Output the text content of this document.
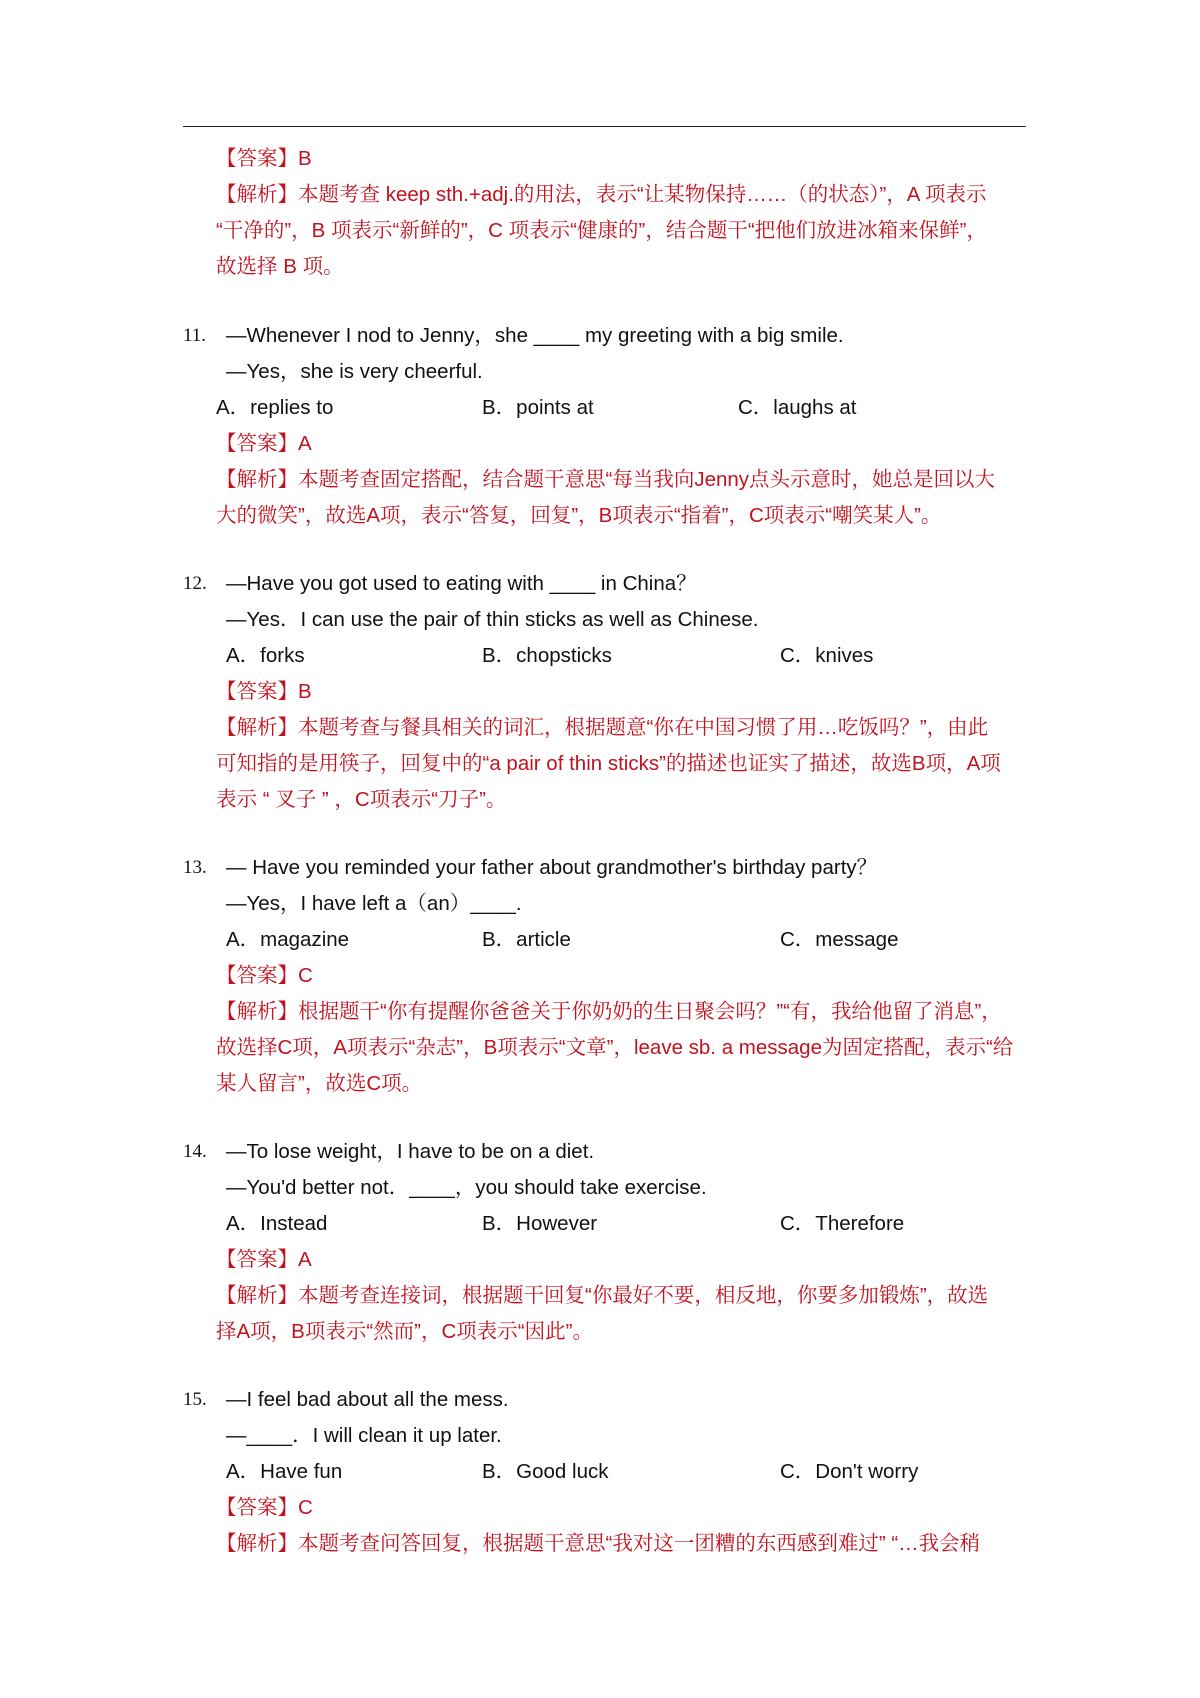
【答案】B
【解析】本题考查 keep sth.+adj.的用法，表示“让某物保持……（的状态）”，A 项表示
“干净的”，B 项表示“新鲜的”，C 项表示“健康的”，结合题干“把他们放进冰箱来保鲜”，
故选择 B 项。
11. —Whenever I nod to Jenny，she ____ my greeting with a big smile.
—Yes，she is very cheerful.
A．replies to	B．points at	C．laughs at
【答案】A
【解析】本题考查固定搭配，结合题干意思“每当我向Jenny点头示意时，她总是回以大
大的微笑”，故选A项，表示“答复，回复”，B项表示“指着”，C项表示“嘲笑某人”。
12. —Have you got used to eating with ____ in China？
—Yes．I can use the pair of thin sticks as well as Chinese.
A．forks	B．chopsticks	C．knives
【答案】B
【解析】本题考查与餐具相关的词汇，根据题意“你在中国习惯了用…吃饭吗？”，由此
可知指的是用筷子，回复中的“a pair of thin sticks”的描述也证实了描述，故选B项，A项
表示 “ 叉子 ” ，C项表示“刀子”。
13. — Have you reminded your father about grandmother's birthday party？
—Yes，I have left a（an）____.
A．magazine	B．article	C．message
【答案】C
【解析】根据题干“你有提醒你爸爸关于你奶奶的生日聚会吗？”“有，我给他留了消息”，
故选择C项，A项表示“杂志”，B项表示“文章”，leave sb. a message为固定搭配，表示“给
某人留言”，故选C项。
14. —To lose weight，I have to be on a diet.
—You'd better not．____，you should take exercise.
A．Instead	B．However	C．Therefore
【答案】A
【解析】本题考查连接词，根据题干回复“你最好不要，相反地，你要多加锻炼”，故选
择A项，B项表示“然而”，C项表示“因此”。
15. —I feel bad about all the mess.
—____．I will clean it up later.
A．Have fun	B．Good luck	C．Don't worry
【答案】C
【解析】本题考查问答回复，根据题干意思“我对这一团糟的东西感到难过” “…我会稍
